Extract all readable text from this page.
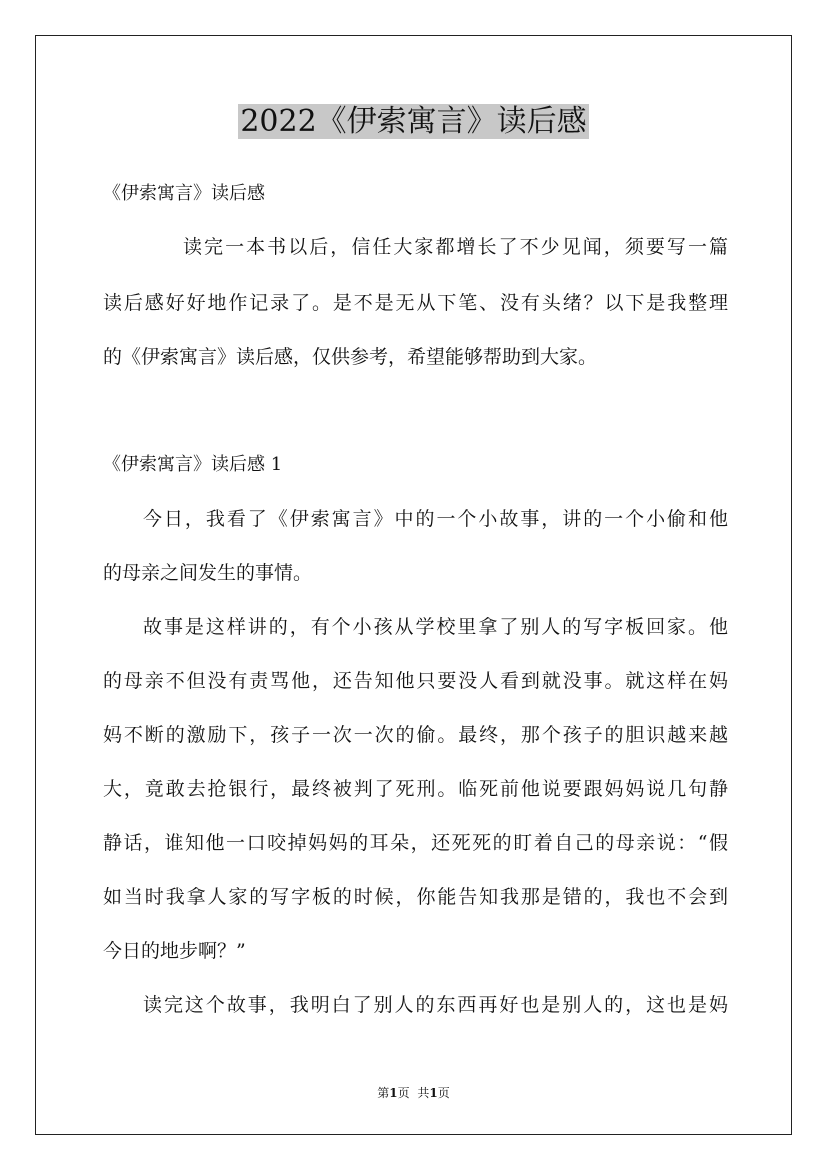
2022《伊索寓言》读后感

《伊索寓言》读后感

读完一本书以后，信任大家都增长了不少见闻，须要写一篇

读后感好好地作记录了。是不是无从下笔、没有头绪？以下是我整理

的《伊索寓言》读后感，仅供参考，希望能够帮助到大家。

《伊索寓言》读后感 1

今日，我看了《伊索寓言》中的一个小故事，讲的一个小偷和他

的母亲之间发生的事情。

故事是这样讲的，有个小孩从学校里拿了别人的写字板回家。他

的母亲不但没有责骂他，还告知他只要没人看到就没事。就这样在妈

妈不断的激励下，孩子一次一次的偷。最终，那个孩子的胆识越来越

大，竟敢去抢银行，最终被判了死刑。临死前他说要跟妈妈说几句静

静话，谁知他一口咬掉妈妈的耳朵，还死死的盯着自己的母亲说：“假

如当时我拿人家的写字板的时候，你能告知我那是错的，我也不会到

今日的地步啊？”

读完这个故事，我明白了别人的东西再好也是别人的，这也是妈

第1页 共1页
